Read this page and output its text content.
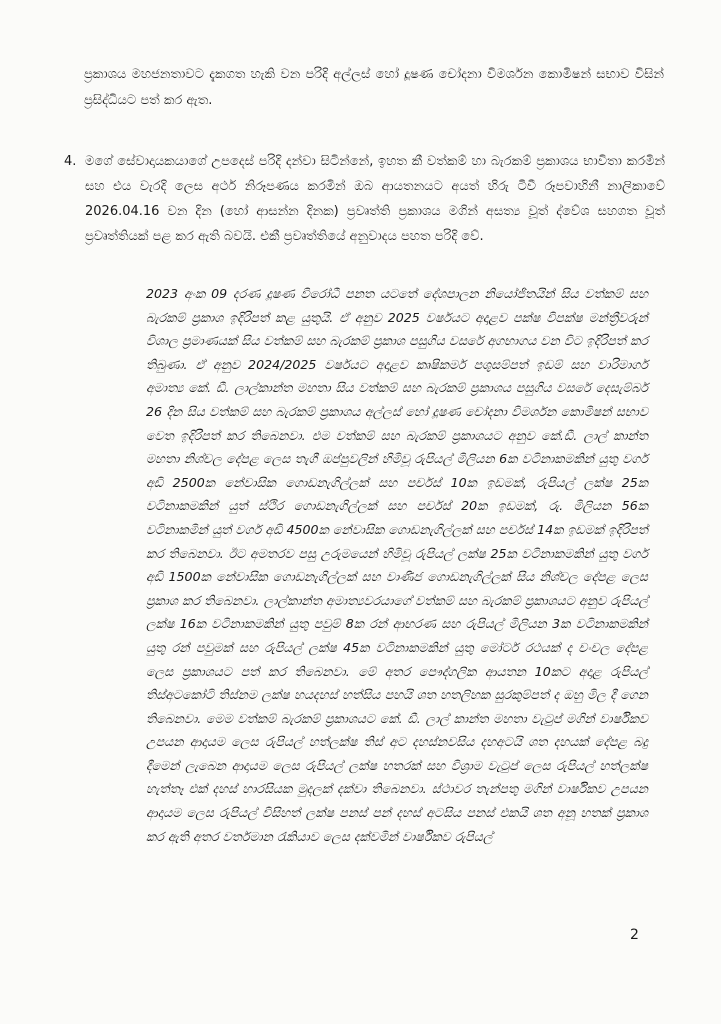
ප්‍රකාශය මහජනතාවට දැකගත හැකි වන පරිදි අල්ලස් හෝ දූෂණ චෝදනා විමර්ශන කොමිෂන් සභාව විසින් ප්‍රසිද්ධියට පත් කර ඇත.

4. මගේ සේවාදායකයාගේ උපදෙස් පරිදි දන්වා සිටින්නේ, ඉහත කී වත්කම් හා බැරකම් ප්‍රකාශය භාවිතා කරමින් සහ එය වැරදි ලෙස අර්ථ නිරූපණය කරමින් ඔබ ආයතනයට අයත් හිරු ටීවී රූපවාහිනී නාලිකාවේ 2026.04.16 වන දින (හෝ ආසන්න දිනක) ප්‍රවෘත්ති ප්‍රකාශය මගින් අසත්‍ය වූත් ද්වේශ සහගත වූත් ප්‍රවෘත්තියක් පළ කර ඇති බවයි. එකී ප්‍රවෘත්තියේ අනුවාදය පහත පරිදි වේ.

2023 අංක 09 දරණ දූෂණ විරෝධී පනත යටතේ දේශපාලන නියෝජිතයින් සිය වත්කම් සහ බැරකම් ප්‍රකාශ ඉදිරිපත් කළ යුතුයි. ඒ අනුව 2025 වර්ෂයට අදාළව පක්ෂ විපක්ෂ මන්ත්‍රීවරුන් විශාල ප්‍රමාණයක් සිය වත්කම් සහ බැරකම් ප්‍රකාශ පසුගිය වසරේ අගභාගය වන විට ඉදිරිපත් කර තිබුණා. ඒ අනුව 2024/2025 වර්ෂයට අදාළව කෘෂිකර්ම පශුසම්පත් ඉඩම් සහ වාරිමාර්ග අමාත්‍ය කේ. ඩී. ලාල්කාන්ත මහතා සිය වත්කම් සහ බැරකම් ප්‍රකාශය පසුගිය වසරේ දෙසැම්බර් 26 දින සිය වත්කම් සහ බැරකම් ප්‍රකාශය අල්ලස් හෝ දූෂණ චෝදනා විමර්ශන කොමිෂන් සභාව වෙත ඉදිරිපත් කර තිබෙනවා. එම වත්කම් සහ බැරකම් ප්‍රකාශයට අනුව කේ.ඩී. ලාල් කාන්ත මහතා නිශ්චල දේපළ ලෙස තැගී ඔප්පුවලින් හිමිවූ රුපියල් මිලියන 6ක වටිනාකමකින් යුතු වර්ග අඩි 2500ක නේවාසික ගොඩනැගිල්ලක් සහ පර්චස් 10ක ඉඩමක්, රුපියල් ලක්ෂ 25ක වටිනාකමකින් යුත් ස්ථිර ගොඩනැගිල්ලක් සහ පර්චස් 20ක ඉඩමක්, රු. මිලියන 56ක වටිනාකමින් යුත් වර්ග අඩි 4500ක නේවාසික ගොඩනැගිල්ලක් සහ පර්චස් 14ක ඉඩමක් ඉදිරිපත් කර තිබෙනවා. ඊට අමතරව පසු උරුමයෙන් හිමිවූ රුපියල් ලක්ෂ 25ක වටිනාකමකින් යුතු වර්ග අඩි 1500ක නේවාසික ගොඩනැගිල්ලක් සහ වාණිජ ගොඩනැගිල්ලක් සිය නිශ්චල දේපළ ලෙස ප්‍රකාශ කර තිබෙනවා. ලාල්කාන්ත අමාත්‍යවරයාගේ වත්කම් සහ බැරකම් ප්‍රකාශයට අනුව රුපියල් ලක්ෂ 16ක වටිනාකමකින් යුතු පවුම් 8ක රන් ආභරණ සහ රුපියල් මිලියන 3ක වටිනාකමකින් යුතු රන් පවුමක් සහ රුපියල් ලක්ෂ 45ක වටිනාකමකින් යුතු මෝටර් රථයක් ද චංචල දේපළ ලෙස ප්‍රකාශයට පත් කර තිබෙනවා. මේ අතර පෞද්ගලික ආයතන 10කට අදාළ රුපියල් තිස්අටකෝටි තිස්නම ලක්ෂ හයදහස් හත්සිය පහයි ශත හතලිහක සුරකුම්පත් ද ඔහු මිල දී ගෙන තිබෙනවා. මෙම වත්කම් බැරකම් ප්‍රකාශයට කේ. ඩී. ලාල් කාන්ත මහතා වැටුප් මගින් වාර්ෂිකව උපයන ආදායම ලෙස රුපියල් හත්ලක්ෂ තිස් අට දහස්නවසිය දහඅටයි ශත දහයක් දේපළ බදු දීමෙන් ලැබෙන ආදායම ලෙස රුපියල් ලක්ෂ හතරක් සහ විශ්‍රාම වැටුප් ලෙස රුපියල් හත්ලක්ෂ හැත්තෑ එක් දහස් හාරසියක මුදලක් දක්වා තිබෙනවා. ස්ථාවර තැන්පතු මගින් වාර්ෂිකව උපයන ආදායම ලෙස රුපියල් විසිහත් ලක්ෂ පනස් පන් දහස් අටසිය පනස් එකයි ශත අනූ හතක් ප්‍රකාශ කර ඇති අතර වර්තමාන රැකියාව ලෙස දක්වමින් වාර්ෂිකව රුපියල්

2
